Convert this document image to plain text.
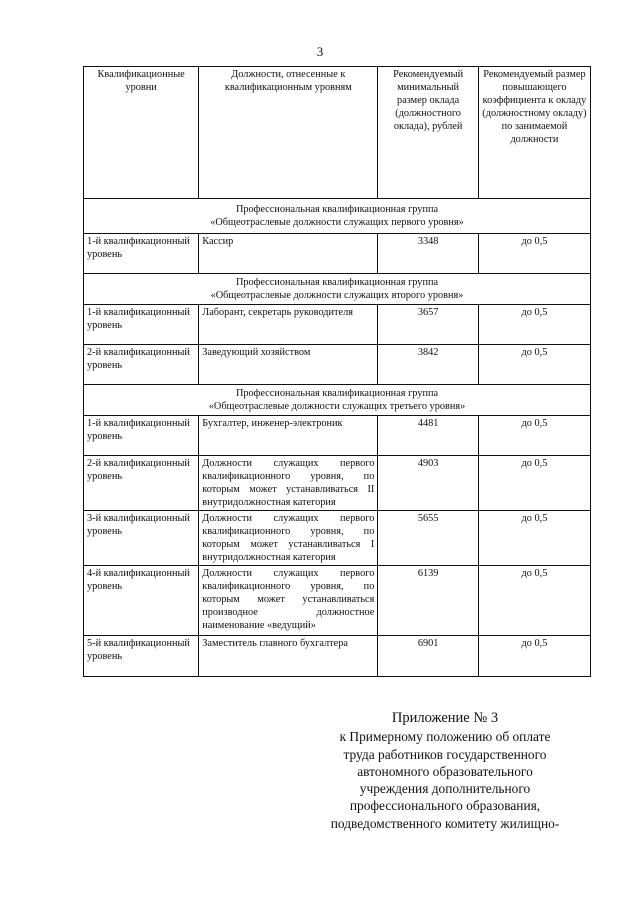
3
Квалификационные уровни	Должности, отнесенные к квалификационным уровням	Рекомендуемый минимальный размер оклада (должностного оклада), рублей	Рекомендуемый размер повышающего коэффициента к окладу (должностному окладу) по занимаемой должности

Профессиональная квалификационная группа
«Общеотраслевые должности служащих первого уровня»			

1-й квалификационный уровень	Кассир	3348	до 0,5

Профессиональная квалификационная группа
«Общеотраслевые должности служащих второго уровня»			

1-й квалификационный уровень	Лаборант, секретарь руководителя	3657	до 0,5
2-й квалификационный уровень	Заведующий хозяйством	3842	до 0,5

Профессиональная квалификационная группа
«Общеотраслевые должности служащих третьего уровня»			

1-й квалификационный уровень	Бухгалтер, инженер-электроник	4481	до 0,5
2-й квалификационный уровень	Должности служащих первого квалификационного уровня, по которым может устанавливаться II внутридолжностная категория	4903	до 0,5
3-й квалификационный уровень	Должности служащих первого квалификационного уровня, по которым может устанавливаться I внутридолжностная категория	5655	до 0,5
4-й квалификационный уровень	Должности служащих первого квалификационного уровня, по которым может устанавливаться производное должностное наименование «ведущий»	6139	до 0,5
5-й квалификационный уровень	Заместитель главного бухгалтера	6901	до 0,5
Приложение № 3
к Примерному положению об оплате
труда работников государственного
автономного образовательного
учреждения дополнительного
профессионального образования,
подведомственного комитету жилищно-
